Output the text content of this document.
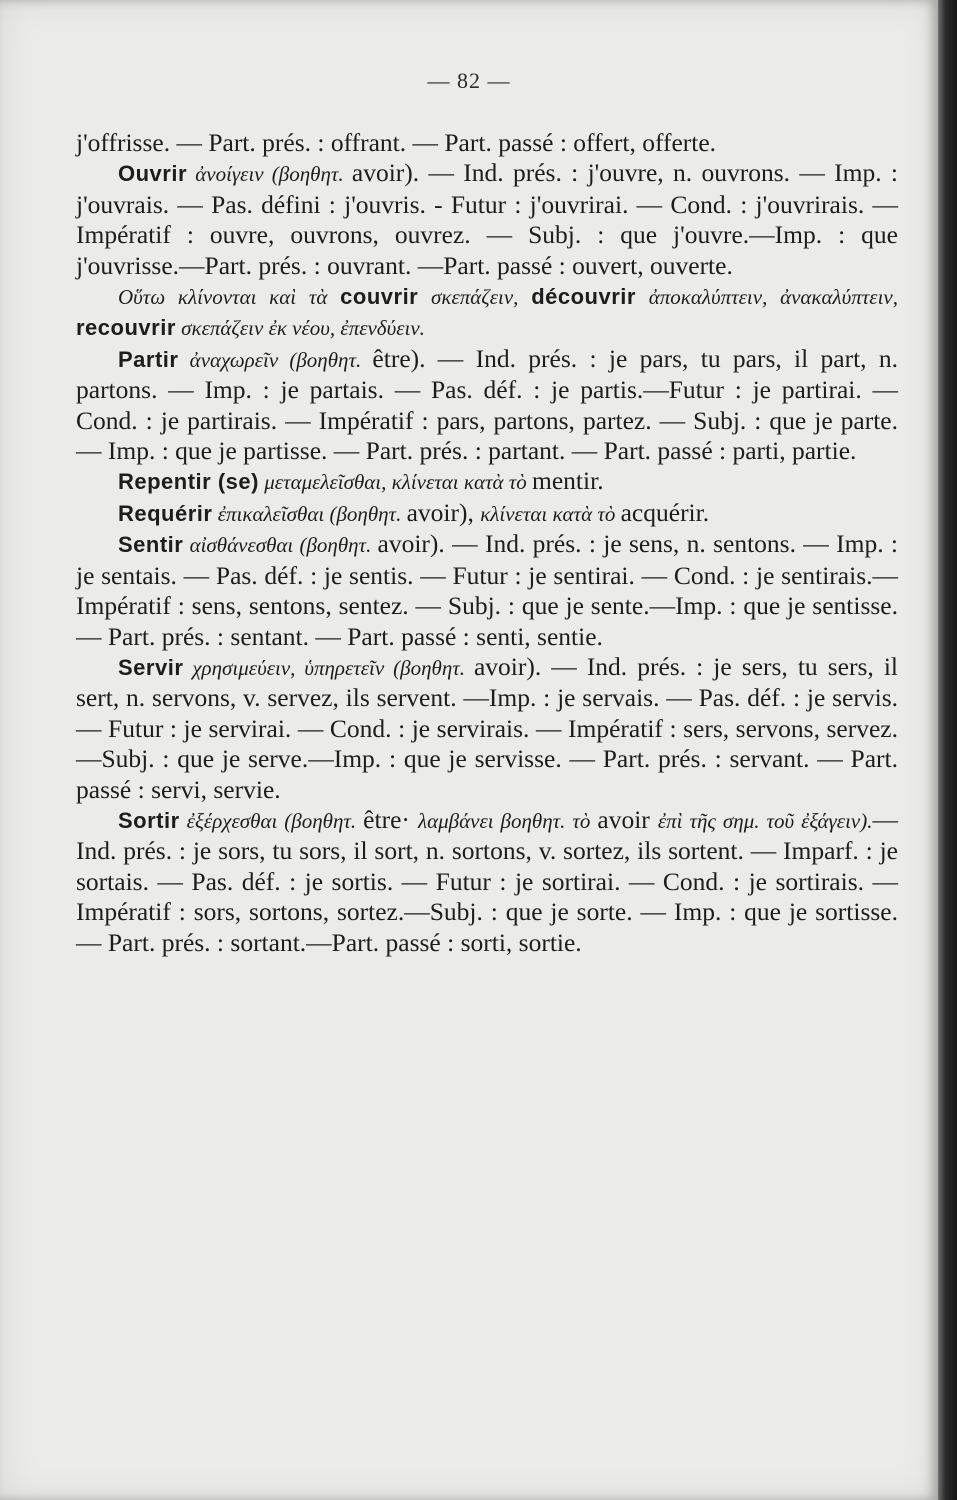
— 82 —

j'offrisse. — Part. prés. : offrant. — Part. passé : offert, offerte.

Ouvrir ἀνοίγειν (βοηθητ. avoir). — Ind. prés. : j'ouvre, n. ouvrons. — Imp. : j'ouvrais. — Pas. défini : j'ouvris. - Futur : j'ouvrirai. — Cond. : j'ouvrirais. — Impératif : ouvre, ouvrons, ouvrez. — Subj. : que j'ouvre.—Imp. : que j'ouvrisse.—Part. prés. : ouvrant. —Part. passé : ouvert, ouverte.

Οὕτω κλίνονται καὶ τὰ couvrir σκεπάζειν, découvrir ἀποκαλύπτειν, ἀνακαλύπτειν, recouvrir σκεπάζειν ἐκ νέου, ἐπενδύειν.

Partir ἀναχωρεῖν (βοηθητ. être). — Ind. prés. : je pars, tu pars, il part, n. partons. — Imp. : je partais. — Pas. déf. : je partis.—Futur : je partirai. — Cond. : je partirais. — Impératif : pars, partons, partez. — Subj. : que je parte. — Imp. : que je partisse. — Part. prés. : partant. — Part. passé : parti, partie.

Repentir (se) μεταμελεῖσθαι, κλίνεται κατὰ τὸ mentir.

Requérir ἐπικαλεῖσθαι (βοηθητ. avoir), κλίνεται κατὰ τὸ acquérir.

Sentir αἰσθάνεσθαι (βοηθητ. avoir). — Ind. prés. : je sens, n. sentons. — Imp. : je sentais. — Pas. déf. : je sentis. — Futur : je sentirai. — Cond. : je sentirais.—Impératif : sens, sentons, sentez. — Subj. : que je sente.—Imp. : que je sentisse.— Part. prés. : sentant. — Part. passé : senti, sentie.

Servir χρησιμεύειν, ὑπηρετεῖν (βοηθητ. avoir). — Ind. prés. : je sers, tu sers, il sert, n. servons, v. servez, ils servent. —Imp. : je servais. — Pas. déf. : je servis. — Futur : je servirai. — Cond. : je servirais. — Impératif : sers, servons, servez.—Subj. : que je serve.—Imp. : que je servisse. — Part. prés. : servant. — Part. passé : servi, servie.

Sortir ἐξέρχεσθαι (βοηθητ. être· λαμβάνει βοηθητ. τὸ avoir ἐπὶ τῆς σημ. τοῦ ἐξάγειν).—Ind. prés. : je sors, tu sors, il sort, n. sortons, v. sortez, ils sortent. — Imparf. : je sortais. — Pas. déf. : je sortis. — Futur : je sortirai. — Cond. : je sortirais. — Impératif : sors, sortons, sortez.—Subj. : que je sorte. — Imp. : que je sortisse. — Part. prés. : sortant.—Part. passé : sorti, sortie.
